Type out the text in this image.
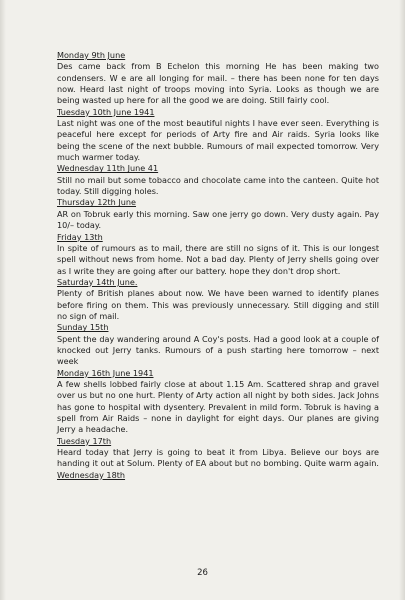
Monday 9th June

Des came back from B Echelon this morning He has been making two condensers. W e are all longing for mail. – there has been none for ten days now. Heard last night of troops moving into Syria. Looks as though we are being wasted up here for all the good we are doing. Still fairly cool.

Tuesday 10th June 1941

Last night was one of the most beautiful nights I have ever seen. Everything is peaceful here except for periods of Arty fire and Air raids. Syria looks like being the scene of the next bubble. Rumours of mail expected tomorrow. Very much warmer today.

Wednesday 11th June 41

Still no mail but some tobacco and chocolate came into the canteen. Quite hot today. Still digging holes.

Thursday 12th June

AR on Tobruk early this morning. Saw one jerry go down. Very dusty again. Pay 10/– today.

Friday 13th

In spite of rumours as to mail, there are still no signs of it. This is our longest spell without news from home. Not a bad day. Plenty of Jerry shells going over as I write they are going after our battery. hope they don't drop short.

Saturday 14th June.

Plenty of British planes about now. We have been warned to identify planes before firing on them. This was previously unnecessary. Still digging and still no sign of mail.

Sunday 15th

Spent the day wandering around A Coy's posts. Had a good look at a couple of knocked out Jerry tanks. Rumours of a push starting here tomorrow – next week

Monday 16th June 1941

A few shells lobbed fairly close at about 1.15 Am. Scattered shrap and gravel over us but no one hurt. Plenty of Arty action all night by both sides. Jack Johns has gone to hospital with dysentery. Prevalent in mild form. Tobruk is having a spell from Air Raids – none in daylight for eight days. Our planes are giving Jerry a headache.

Tuesday 17th

Heard today that Jerry is going to beat it from Libya. Believe our boys are handing it out at Solum. Plenty of EA about but no bombing. Quite warm again.

Wednesday 18th
26
